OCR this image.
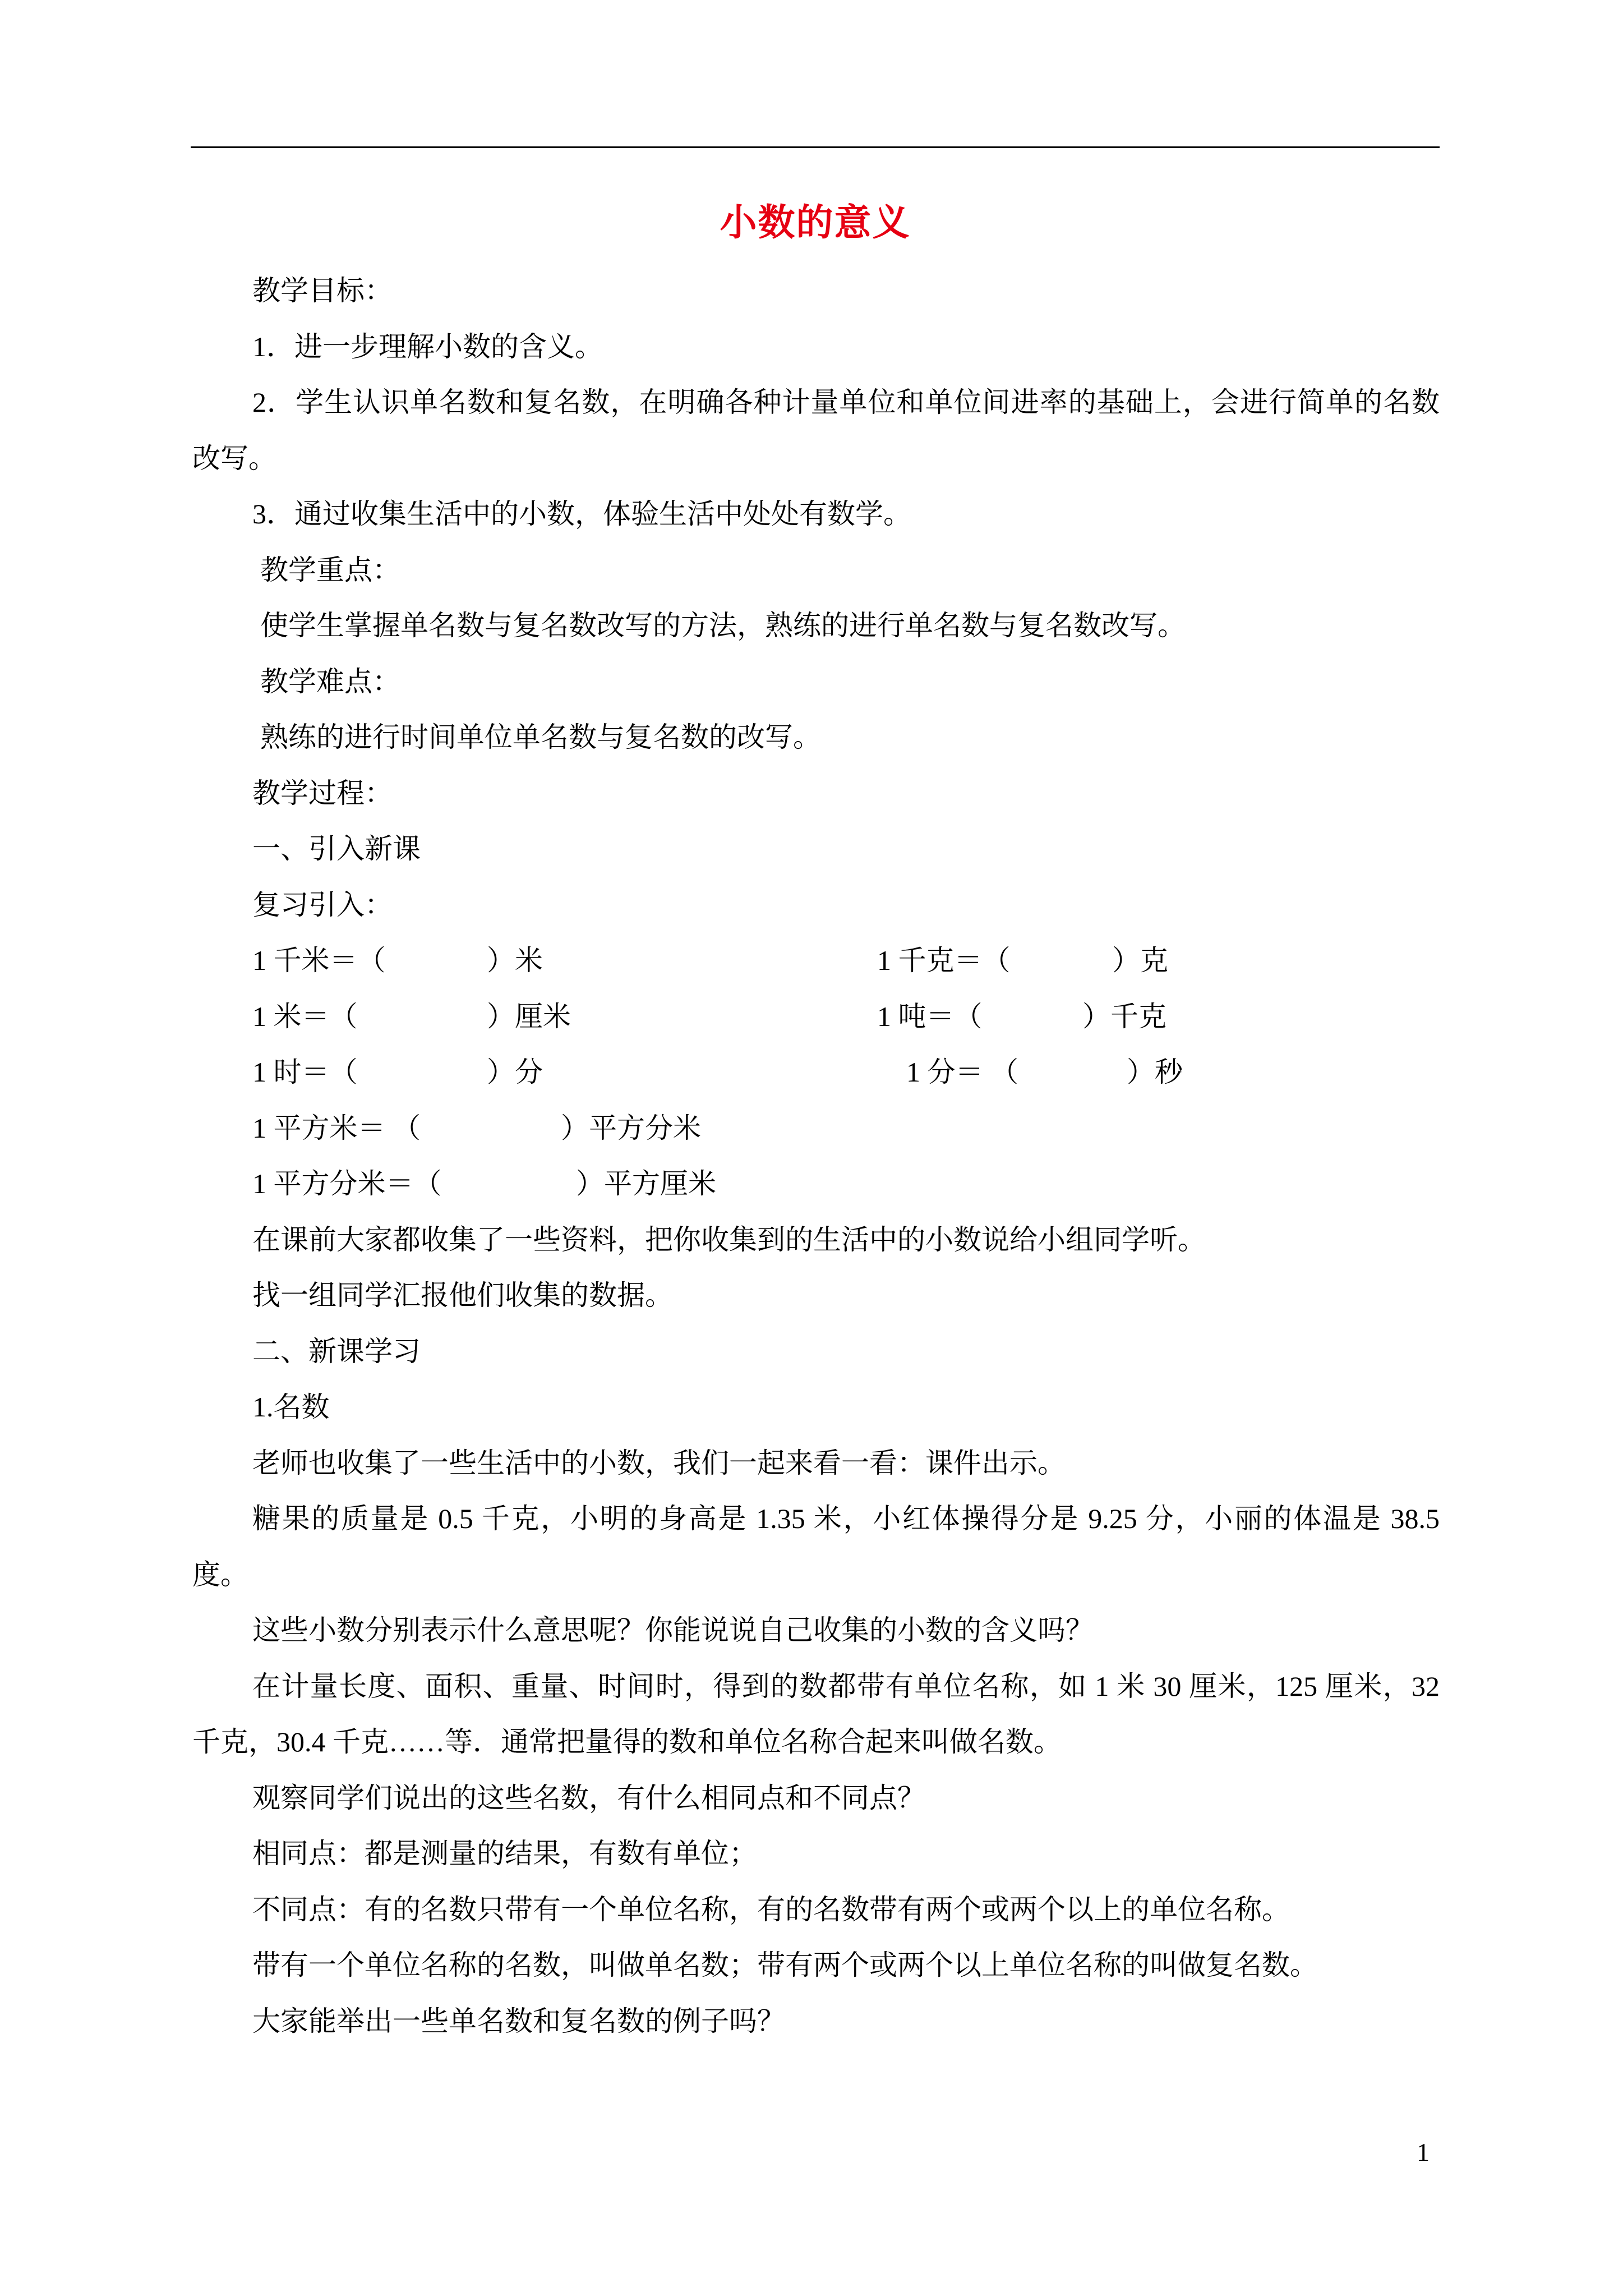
小数的意义
教学目标：
1．进一步理解小数的含义。
2．学生认识单名数和复名数，在明确各种计量单位和单位间进率的基础上，会进行简单的名数
改写。
3．通过收集生活中的小数，体验生活中处处有数学。
教学重点：
使学生掌握单名数与复名数改写的方法，熟练的进行单名数与复名数改写。
教学难点：
熟练的进行时间单位单名数与复名数的改写。
教学过程：
一、引入新课
复习引入：
1 千米＝（	）米	1 千克＝（	）克
1 米＝（	）厘米	1 吨＝（	）千克
1 时＝（	）分	1 分＝ （	）秒
1 平方米＝ （	）平方分米
1 平方分米＝（	）平方厘米
在课前大家都收集了一些资料，把你收集到的生活中的小数说给小组同学听。
找一组同学汇报他们收集的数据。
二、新课学习
1.名数
老师也收集了一些生活中的小数，我们一起来看一看：课件出示。
糖果的质量是 0.5 千克，小明的身高是 1.35 米，小红体操得分是 9.25 分，小丽的体温是 38.5
度。
这些小数分别表示什么意思呢？你能说说自己收集的小数的含义吗？
在计量长度、面积、重量、时间时，得到的数都带有单位名称，如 1 米 30 厘米，125 厘米，32
千克，30.4 千克……等．通常把量得的数和单位名称合起来叫做名数。
观察同学们说出的这些名数，有什么相同点和不同点？
相同点：都是测量的结果，有数有单位；
不同点：有的名数只带有一个单位名称，有的名数带有两个或两个以上的单位名称。
带有一个单位名称的名数，叫做单名数；带有两个或两个以上单位名称的叫做复名数。
大家能举出一些单名数和复名数的例子吗？
1
